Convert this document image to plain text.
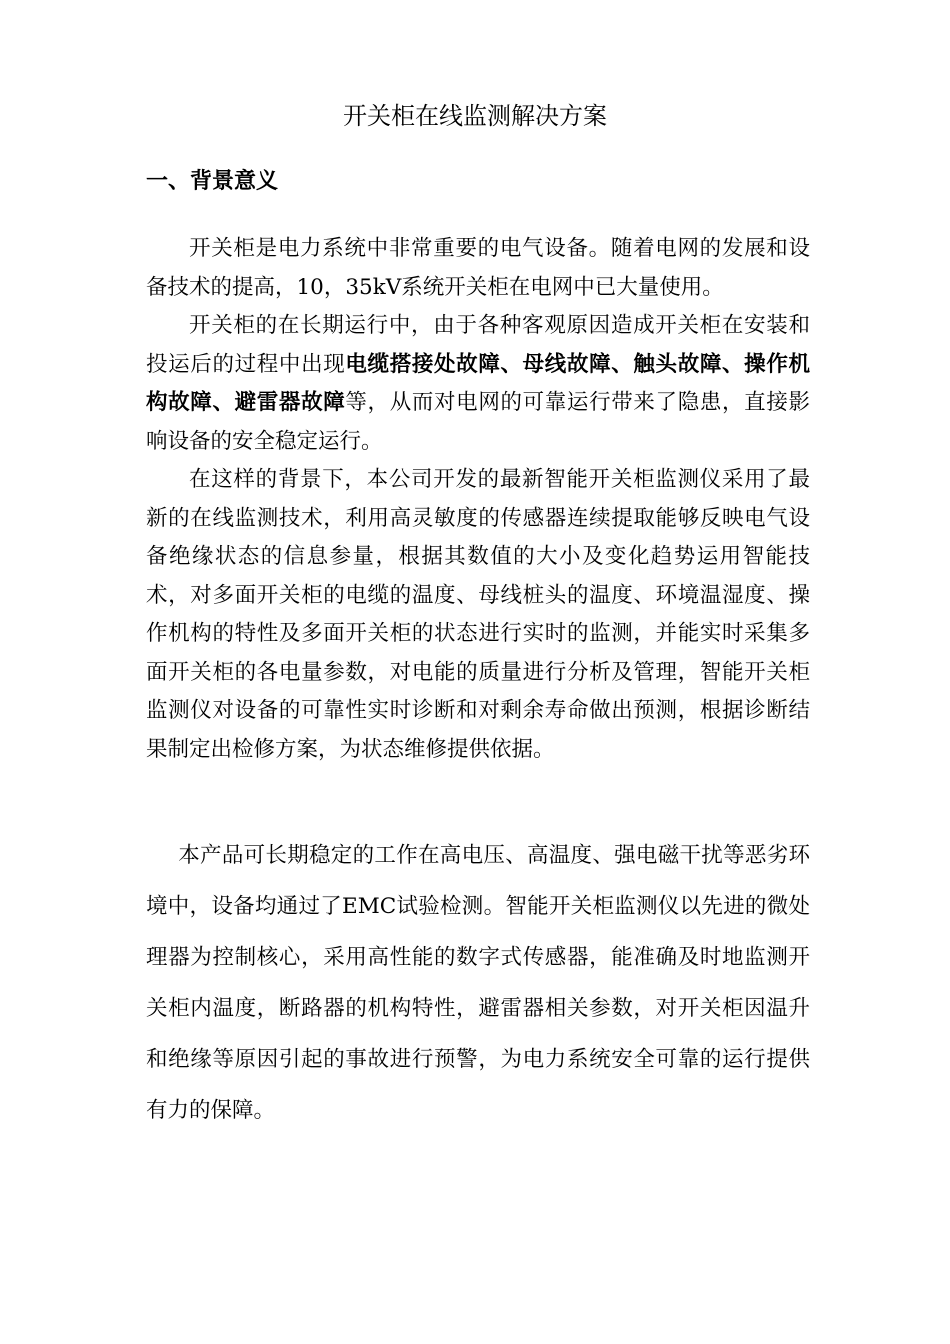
开关柜在线监测解决方案
一、背景意义

开关柜是电力系统中非常重要的电气设备。随着电网的发展和设备技术的提高，10，35kV系统开关柜在电网中已大量使用。

开关柜的在长期运行中，由于各种客观原因造成开关柜在安装和投运后的过程中出现电缆搭接处故障、母线故障、触头故障、操作机构故障、避雷器故障等，从而对电网的可靠运行带来了隐患，直接影响设备的安全稳定运行。

在这样的背景下，本公司开发的最新智能开关柜监测仪采用了最新的在线监测技术，利用高灵敏度的传感器连续提取能够反映电气设备绝缘状态的信息参量，根据其数值的大小及变化趋势运用智能技术，对多面开关柜的电缆的温度、母线桩头的温度、环境温湿度、操作机构的特性及多面开关柜的状态进行实时的监测，并能实时采集多面开关柜的各电量参数，对电能的质量进行分析及管理，智能开关柜监测仪对设备的可靠性实时诊断和对剩余寿命做出预测，根据诊断结果制定出检修方案，为状态维修提供依据。

本产品可长期稳定的工作在高电压、高温度、强电磁干扰等恶劣环境中，设备均通过了EMC试验检测。智能开关柜监测仪以先进的微处理器为控制核心，采用高性能的数字式传感器，能准确及时地监测开关柜内温度，断路器的机构特性，避雷器相关参数，对开关柜因温升和绝缘等原因引起的事故进行预警，为电力系统安全可靠的运行提供有力的保障。
